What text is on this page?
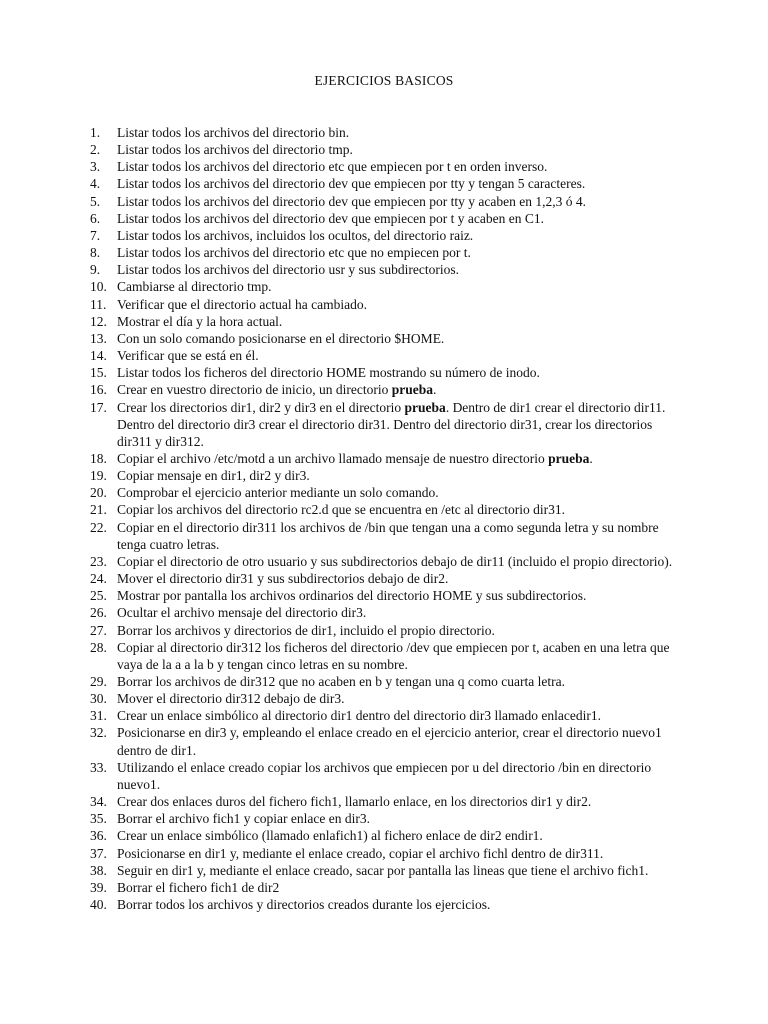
EJERCICIOS BASICOS
1.	Listar todos los archivos del directorio bin.
2.	Listar todos los archivos del directorio tmp.
3.	Listar todos los archivos del directorio etc que empiecen por t en orden inverso.
4.	Listar todos los archivos del directorio dev que empiecen por tty y tengan 5 caracteres.
5.	Listar todos los archivos del directorio dev que empiecen por tty y acaben en 1,2,3 ó 4.
6.	Listar todos los archivos del directorio dev que empiecen por t y acaben en C1.
7.	Listar todos los archivos, incluidos los ocultos, del directorio raiz.
8.	Listar todos los archivos del directorio etc que no empiecen por t.
9.	Listar todos los archivos del directorio usr y sus subdirectorios.
10. Cambiarse al directorio tmp.
11. Verificar que el directorio actual ha cambiado.
12. Mostrar el día y la hora actual.
13. Con un solo comando posicionarse en el directorio $HOME.
14. Verificar que se está en él.
15. Listar todos los ficheros del directorio HOME mostrando su número de inodo.
16. Crear en vuestro directorio de inicio, un directorio prueba.
17. Crear los directorios dir1, dir2 y dir3 en el directorio prueba. Dentro de dir1 crear el directorio dir11. Dentro del directorio dir3 crear el directorio dir31. Dentro del directorio dir31, crear los directorios dir311 y dir312.
18. Copiar el archivo /etc/motd a un archivo llamado mensaje de nuestro directorio prueba.
19. Copiar mensaje en dir1, dir2 y dir3.
20. Comprobar el ejercicio anterior mediante un solo comando.
21. Copiar los archivos del directorio rc2.d que se encuentra en /etc al directorio dir31.
22. Copiar en el directorio dir311 los archivos de /bin que tengan una a como segunda letra y su nombre tenga cuatro letras.
23. Copiar el directorio de otro usuario y sus subdirectorios debajo de dir11 (incluido el propio directorio).
24. Mover el directorio dir31 y sus subdirectorios debajo de dir2.
25. Mostrar por pantalla los archivos ordinarios del directorio HOME y sus subdirectorios.
26. Ocultar el archivo mensaje del directorio dir3.
27. Borrar los archivos y directorios de dir1, incluido el propio directorio.
28. Copiar al directorio dir312 los ficheros del directorio /dev que empiecen por t, acaben en una letra que vaya de la a a la b y tengan cinco letras en su nombre.
29. Borrar los archivos de dir312 que no acaben en b y tengan una q como cuarta letra.
30. Mover el directorio dir312 debajo de dir3.
31. Crear un enlace simbólico al directorio dir1 dentro del directorio dir3 llamado enlacedir1.
32. Posicionarse en dir3 y, empleando el enlace creado en el ejercicio anterior, crear el directorio nuevo1 dentro de dir1.
33. Utilizando el enlace creado copiar los archivos que empiecen por u del directorio /bin en directorio nuevo1.
34. Crear dos enlaces duros del fichero fich1, llamarlo enlace, en los directorios dir1 y dir2.
35. Borrar el archivo fich1 y copiar enlace en dir3.
36. Crear un enlace simbólico (llamado enlafich1) al fichero enlace de dir2 endir1.
37. Posicionarse en dir1 y, mediante el enlace creado, copiar el archivo fichl dentro de dir311.
38. Seguir en dir1 y, mediante el enlace creado, sacar por pantalla las lineas que tiene el archivo fich1.
39. Borrar el fichero fich1 de dir2
40. Borrar todos los archivos y directorios creados durante los ejercicios.
